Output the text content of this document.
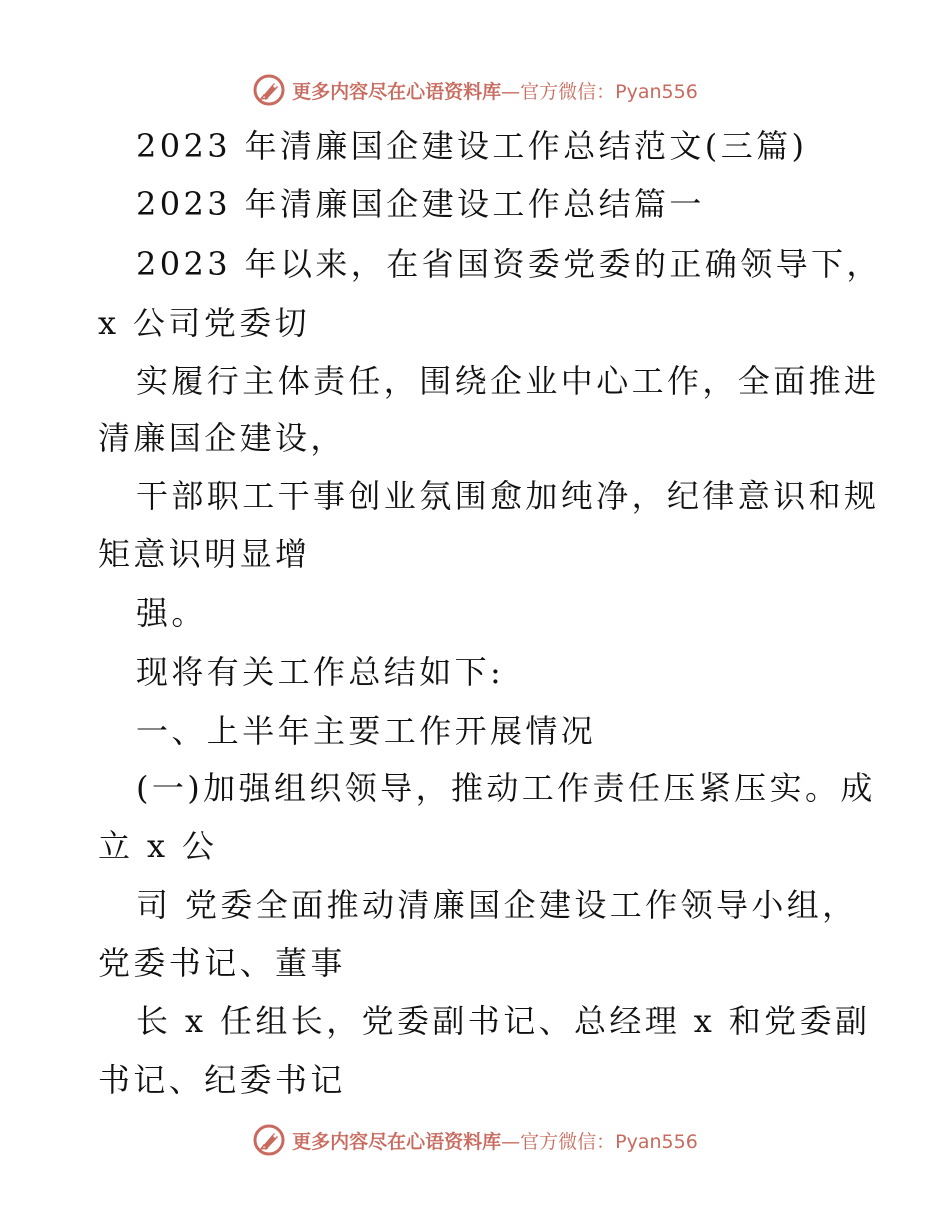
更多内容尽在心语资料库—官方微信：Pyan556
2023 年清廉国企建设工作总结范文(三篇)
2023 年清廉国企建设工作总结篇一
2023 年以来，在省国资委党委的正确领导下，
x 公司党委切
实履行主体责任，围绕企业中心工作，全面推进
清廉国企建设，
干部职工干事创业氛围愈加纯净，纪律意识和规
矩意识明显增
强。
现将有关工作总结如下:
一、上半年主要工作开展情况
(一)加强组织领导，推动工作责任压紧压实。成
立 x 公
司 党委全面推动清廉国企建设工作领导小组，
党委书记、董事
长 x 任组长，党委副书记、总经理 x 和党委副
书记、纪委书记
更多内容尽在心语资料库—官方微信：Pyan556
